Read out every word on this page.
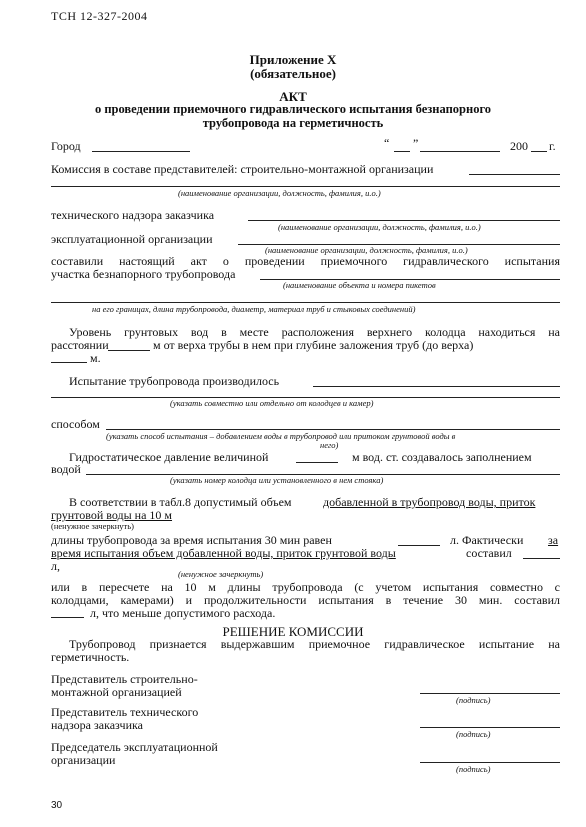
ТСН 12-327-2004
Приложение Х
(обязательное)
АКТ
о проведении приемочного гидравлического испытания безнапорного
трубопровода на герметичность
Город	“ ”	200 г.
Комиссия в составе представителей: строительно-монтажной организации
(наименование организации, должность, фамилия, и.о.)
технического надзора заказчика
(наименование организации, должность, фамилия, и.о.)
эксплуатационной организации
(наименование организации, должность, фамилия, и.о.)
составили настоящий акт о проведении приемочного гидравлического испытания
участка безнапорного трубопровода
(наименование объекта и номера пикетов
на его границах, длина трубопровода, диаметр, материал труб и стыковых соединений)
Уровень грунтовых вод в месте расположения верхнего колодца находиться на
расстоянии	м от верха трубы в нем при глубине заложения труб (до верха)
м.
Испытание трубопровода производилось
(указать совместно или отдельно от колодцев и камер)
способом
(указать способ испытания – добавлением воды в трубопровод или притоком грунтовой воды в
него)
Гидростатическое давление величиной	м вод. ст. создавалось заполнением
водой
(указать номер колодца или установленного в нем стояка)
В соответствии в табл.8 допустимый объем	добавленной в трубопровод воды, приток
грунтовой воды на 10 м
(ненужное зачеркнуть)
длины трубопровода за время испытания 30 мин равен	л. Фактически за
время испытания объем добавленной воды, приток грунтовой воды	составил
л,
(ненужное зачеркнуть)
или в пересчете на 10 м длины трубопровода (с учетом испытания совместно с
колодцами, камерами) и продолжительности испытания в течение 30 мин. составил
л, что меньше допустимого расхода.
РЕШЕНИЕ КОМИССИИ
Трубопровод признается выдержавшим приемочное гидравлическое испытание на
герметичность.
Представитель строительно-
монтажной организацией
(подпись)
Представитель технического
надзора заказчика
(подпись)
Председатель эксплуатационной
организации
(подпись)
30
